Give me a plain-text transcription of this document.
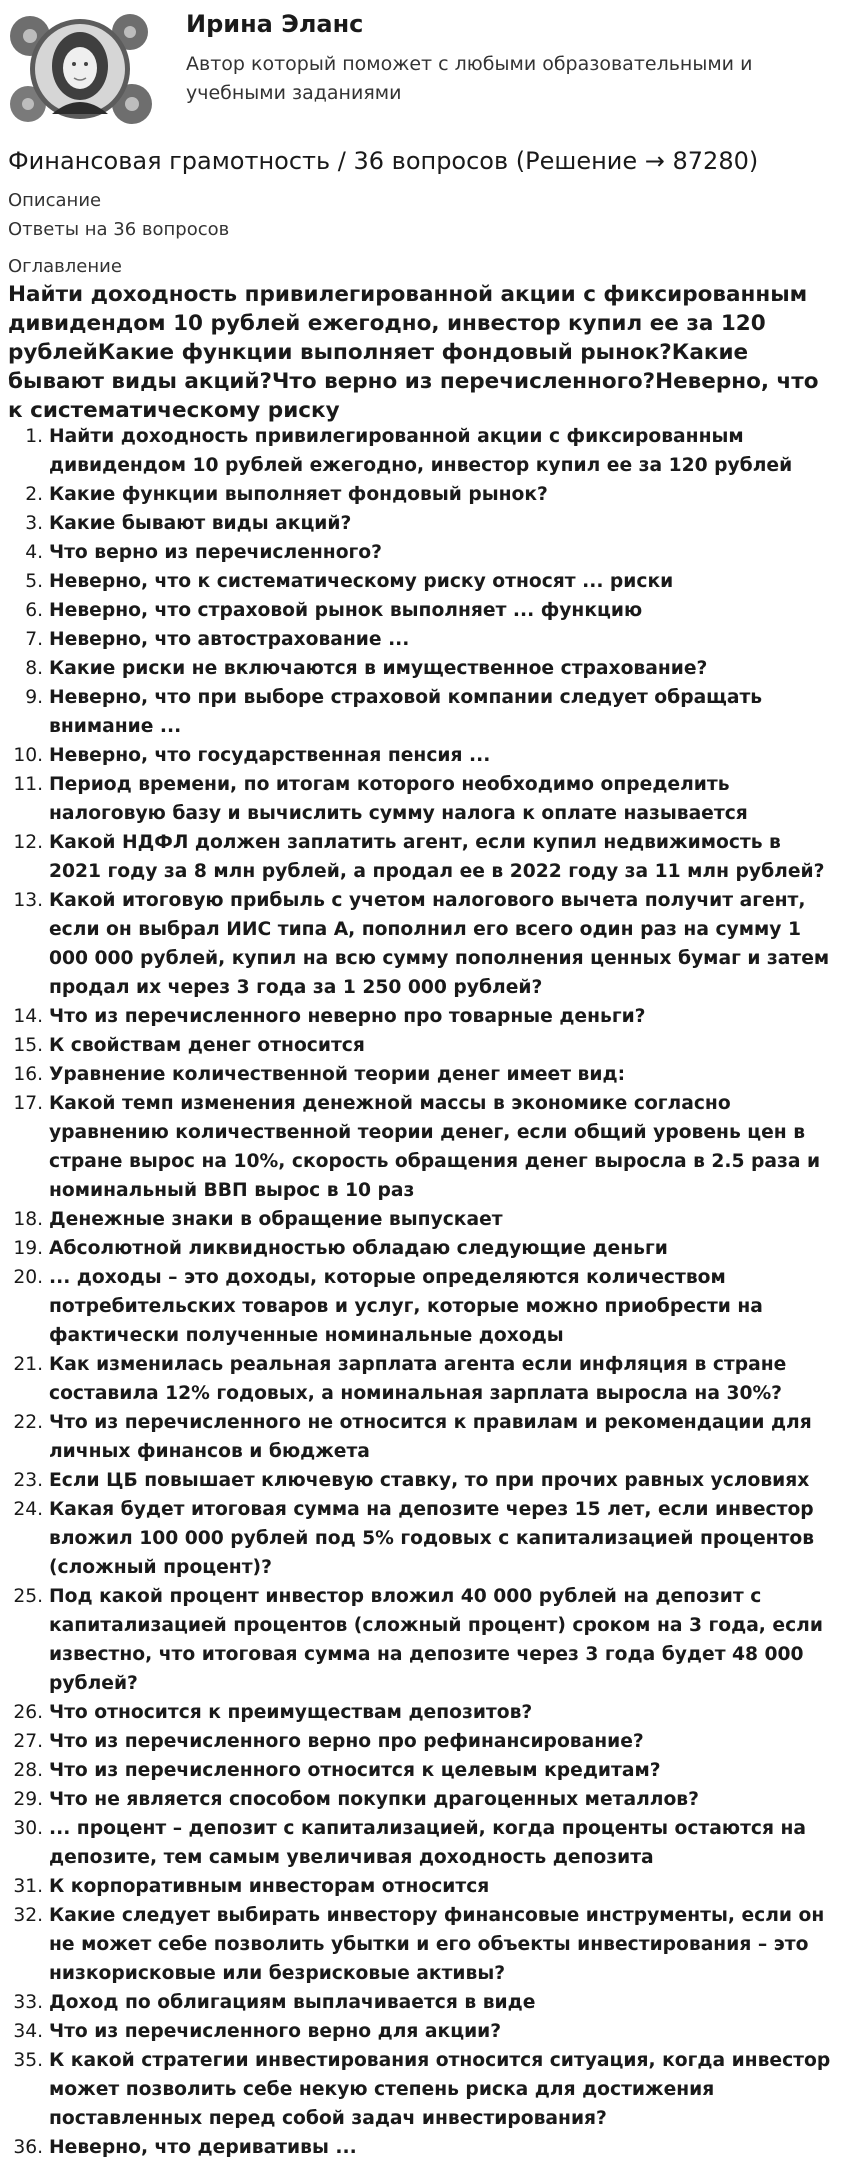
Ирина Эланс
Автор который поможет с любыми образовательными и учебными заданиями
Финансовая грамотность / 36 вопросов (Решение → 87280)
Описание
Ответы на 36 вопросов
Оглавление
Найти доходность привилегированной акции с фиксированным дивидендом 10 рублей ежегодно, инвестор купил ее за 120 рублейКакие функции выполняет фондовый рынок?Какие бывают виды акций?Что верно из перечисленного?Неверно, что к систематическому риску
1. Найти доходность привилегированной акции с фиксированным дивидендом 10 рублей ежегодно, инвестор купил ее за 120 рублей
2. Какие функции выполняет фондовый рынок?
3. Какие бывают виды акций?
4. Что верно из перечисленного?
5. Неверно, что к систематическому риску относят ... риски
6. Неверно, что страховой рынок выполняет ... функцию
7. Неверно, что автострахование ...
8. Какие риски не включаются в имущественное страхование?
9. Неверно, что при выборе страховой компании следует обращать внимание ...
10. Неверно, что государственная пенсия ...
11. Период времени, по итогам которого необходимо определить налоговую базу и вычислить сумму налога к оплате называется
12. Какой НДФЛ должен заплатить агент, если купил недвижимость в 2021 году за 8 млн рублей, а продал ее в 2022 году за 11 млн рублей?
13. Какой итоговую прибыль с учетом налогового вычета получит агент, если он выбрал ИИС типа А, пополнил его всего один раз на сумму 1 000 000 рублей, купил на всю сумму пополнения ценных бумаг и затем продал их через 3 года за 1 250 000 рублей?
14. Что из перечисленного неверно про товарные деньги?
15. К свойствам денег относится
16. Уравнение количественной теории денег имеет вид:
17. Какой темп изменения денежной массы в экономике согласно уравнению количественной теории денег, если общий уровень цен в стране вырос на 10%, скорость обращения денег выросла в 2.5 раза и номинальный ВВП вырос в 10 раз
18. Денежные знаки в обращение выпускает
19. Абсолютной ликвидностью обладаю следующие деньги
20. ... доходы – это доходы, которые определяются количеством потребительских товаров и услуг, которые можно приобрести на фактически полученные номинальные доходы
21. Как изменилась реальная зарплата агента если инфляция в стране составила 12% годовых, а номинальная зарплата выросла на 30%?
22. Что из перечисленного не относится к правилам и рекомендации для личных финансов и бюджета
23. Если ЦБ повышает ключевую ставку, то при прочих равных условиях
24. Какая будет итоговая сумма на депозите через 15 лет, если инвестор вложил 100 000 рублей под 5% годовых с капитализацией процентов (сложный процент)?
25. Под какой процент инвестор вложил 40 000 рублей на депозит с капитализацией процентов (сложный процент) сроком на 3 года, если известно, что итоговая сумма на депозите через 3 года будет 48 000 рублей?
26. Что относится к преимуществам депозитов?
27. Что из перечисленного верно про рефинансирование?
28. Что из перечисленного относится к целевым кредитам?
29. Что не является способом покупки драгоценных металлов?
30. ... процент – депозит с капитализацией, когда проценты остаются на депозите, тем самым увеличивая доходность депозита
31. К корпоративным инвесторам относится
32. Какие следует выбирать инвестору финансовые инструменты, если он не может себе позволить убытки и его объекты инвестирования – это низкорисковые или безрисковые активы?
33. Доход по облигациям выплачивается в виде
34. Что из перечисленного верно для акции?
35. К какой стратегии инвестирования относится ситуация, когда инвестор может позволить себе некую степень риска для достижения поставленных перед собой задач инвестирования?
36. Неверно, что деривативы ...
